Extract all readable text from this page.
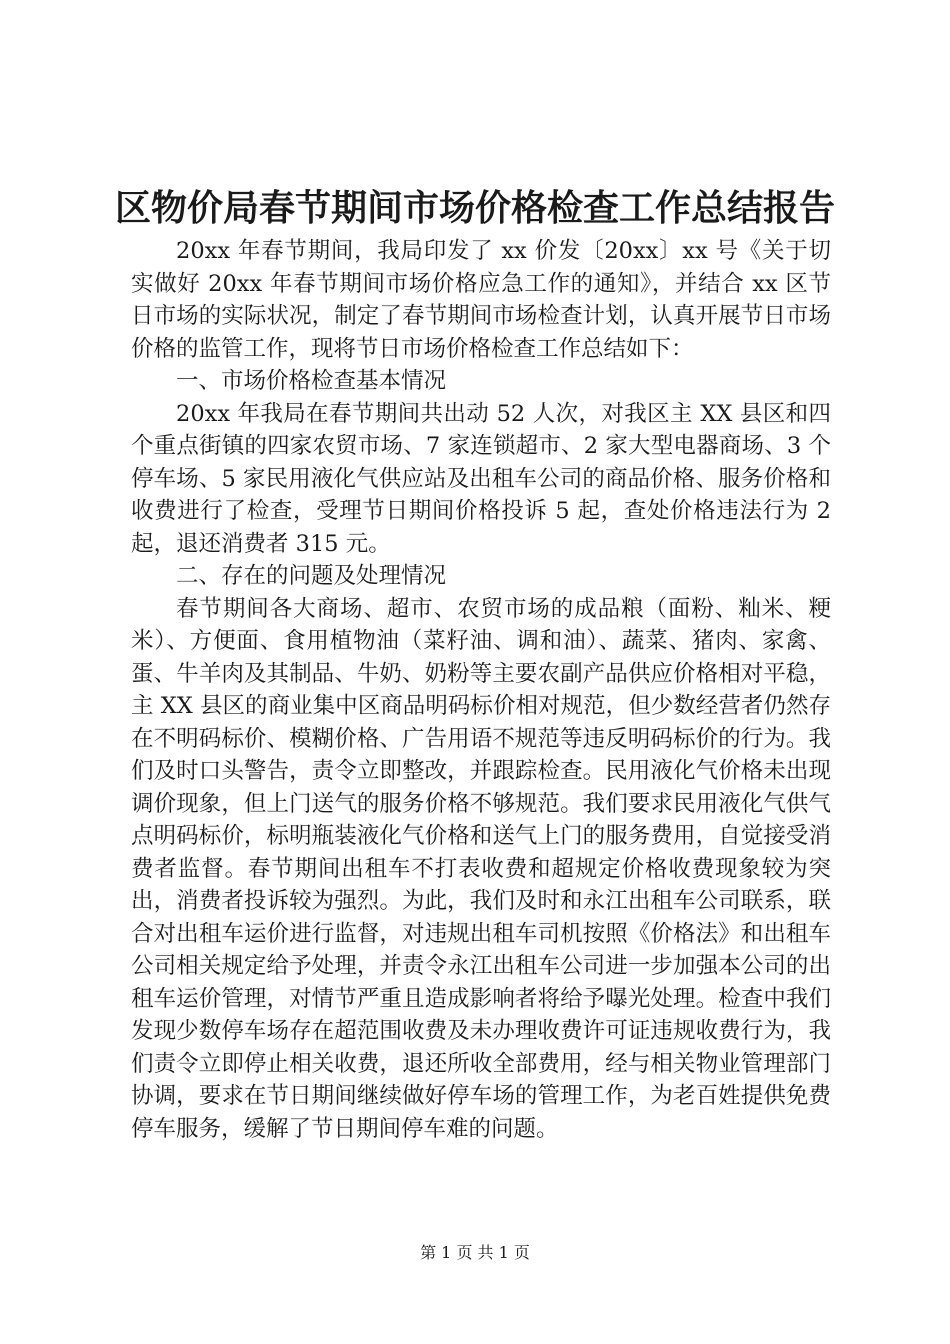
区物价局春节期间市场价格检查工作总结报告

20xx 年春节期间，我局印发了 xx 价发〔20xx〕xx 号《关于切实做好 20xx 年春节期间市场价格应急工作的通知》，并结合 xx 区节日市场的实际状况，制定了春节期间市场检查计划，认真开展节日市场价格的监管工作，现将节日市场价格检查工作总结如下：

一、市场价格检查基本情况

20xx 年我局在春节期间共出动 52 人次，对我区主 XX 县区和四个重点街镇的四家农贸市场、7 家连锁超市、2 家大型电器商场、3 个停车场、5 家民用液化气供应站及出租车公司的商品价格、服务价格和收费进行了检查，受理节日期间价格投诉 5 起，查处价格违法行为 2 起，退还消费者 315 元。

二、存在的问题及处理情况

春节期间各大商场、超市、农贸市场的成品粮（面粉、籼米、粳米）、方便面、食用植物油（菜籽油、调和油）、蔬菜、猪肉、家禽、蛋、牛羊肉及其制品、牛奶、奶粉等主要农副产品供应价格相对平稳，主 XX 县区的商业集中区商品明码标价相对规范，但少数经营者仍然存在不明码标价、模糊价格、广告用语不规范等违反明码标价的行为。我们及时口头警告，责令立即整改，并跟踪检查。民用液化气价格未出现调价现象，但上门送气的服务价格不够规范。我们要求民用液化气供气点明码标价，标明瓶装液化气价格和送气上门的服务费用，自觉接受消费者监督。春节期间出租车不打表收费和超规定价格收费现象较为突出，消费者投诉较为强烈。为此，我们及时和永江出租车公司联系，联合对出租车运价进行监督，对违规出租车司机按照《价格法》和出租车公司相关规定给予处理，并责令永江出租车公司进一步加强本公司的出租车运价管理，对情节严重且造成影响者将给予曝光处理。检查中我们发现少数停车场存在超范围收费及未办理收费许可证违规收费行为，我们责令立即停止相关收费，退还所收全部费用，经与相关物业管理部门协调，要求在节日期间继续做好停车场的管理工作，为老百姓提供免费停车服务，缓解了节日期间停车难的问题。

第 1 页 共 1 页
